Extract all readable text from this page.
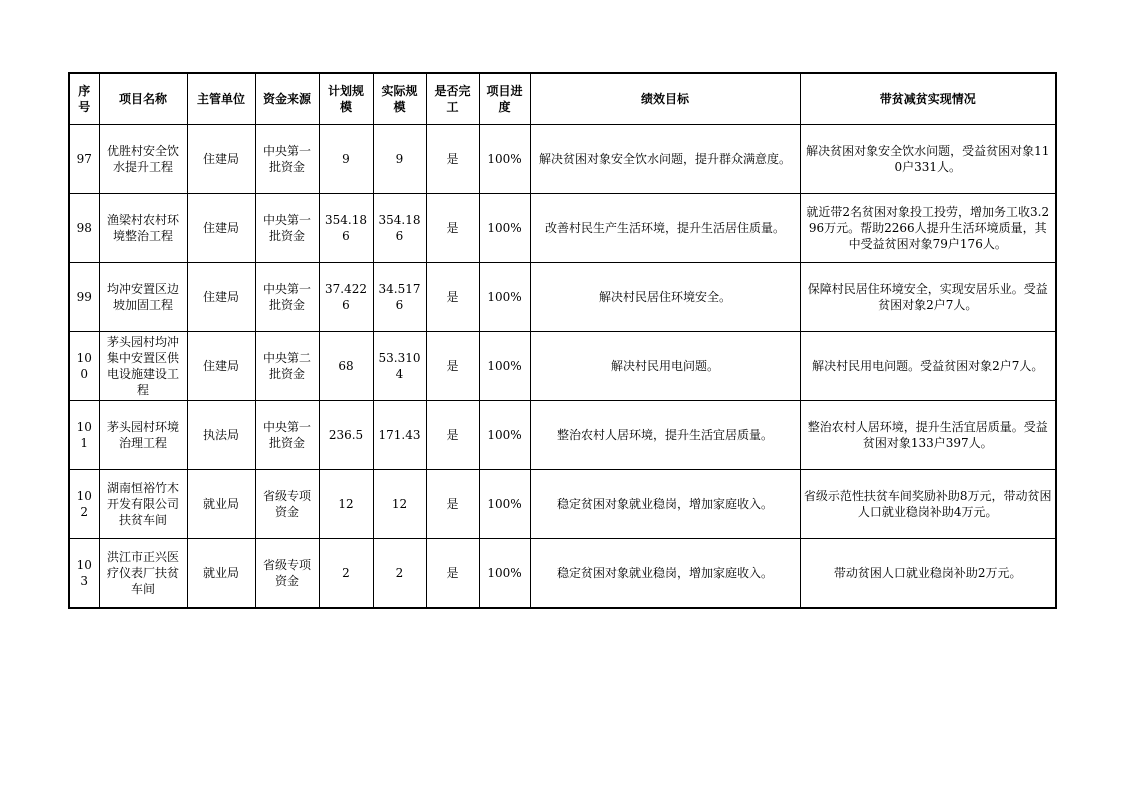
序号	项目名称	主管单位	资金来源	计划规模	实际规模	是否完工	项目进度	绩效目标	带贫减贫实现情况
97	优胜村安全饮水提升工程	住建局	中央第一批资金	9	9	是	100%	解决贫困对象安全饮水问题，提升群众满意度。	解决贫困对象安全饮水问题，受益贫困对象110户331人。
98	渔梁村农村环境整治工程	住建局	中央第一批资金	354.186	354.186	是	100%	改善村民生产生活环境，提升生活居住质量。	就近带2名贫困对象投工投劳，增加务工收3.296万元。帮助2266人提升生活环境质量，其中受益贫困对象79户176人。
99	均冲安置区边坡加固工程	住建局	中央第一批资金	37.4226	34.5176	是	100%	解决村民居住环境安全。	保障村民居住环境安全，实现安居乐业。受益贫困对象2户7人。
100	茅头园村均冲集中安置区供电设施建设工程	住建局	中央第二批资金	68	53.3104	是	100%	解决村民用电问题。	解决村民用电问题。受益贫困对象2户7人。
101	茅头园村环境治理工程	执法局	中央第一批资金	236.5	171.43	是	100%	整治农村人居环境，提升生活宜居质量。	整治农村人居环境，提升生活宜居质量。受益贫困对象133户397人。
102	湖南恒裕竹木开发有限公司扶贫车间	就业局	省级专项资金	12	12	是	100%	稳定贫困对象就业稳岗，增加家庭收入。	省级示范性扶贫车间奖励补助8万元，带动贫困人口就业稳岗补助4万元。
103	洪江市正兴医疗仪表厂扶贫车间	就业局	省级专项资金	2	2	是	100%	稳定贫困对象就业稳岗，增加家庭收入。	带动贫困人口就业稳岗补助2万元。
